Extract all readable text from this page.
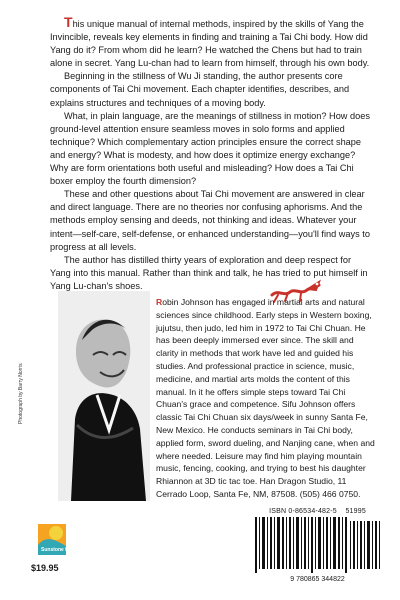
This unique manual of internal methods, inspired by the skills of Yang the Invincible, reveals key elements in finding and training a Tai Chi body. How did Yang do it? From whom did he learn? He watched the Chens but had to train alone in secret. Yang Lu-chan had to learn from himself, through his own body.

Beginning in the stillness of Wu Ji standing, the author presents core components of Tai Chi movement. Each chapter identifies, describes, and explains structures and techniques of a moving body.

What, in plain language, are the meanings of stillness in motion? How does ground-level attention ensure seamless moves in solo forms and applied technique? Which complementary action principles ensure the correct shape and energy? What is modesty, and how does it optimize energy exchange? Why are form orientations both useful and misleading? How does a Tai Chi boxer employ the fourth dimension?

These and other questions about Tai Chi movement are answered in clear and direct language. There are no theories nor confusing aphorisms. And the methods employ sensing and deeds, not thinking and ideas. Whatever your intent—self-care, self-defense, or enhanced understanding—you'll find ways to progress at all levels.

The author has distilled thirty years of exploration and deep respect for Yang into this manual. Rather than think and talk, he has tried to put himself in Yang Lu-chan's shoes.

Photograph by Barry Norris
Robin Johnson has engaged in martial arts and natural sciences since childhood. Early steps in Western boxing, jujutsu, then judo, led him in 1972 to Tai Chi Chuan. He has been deeply immersed ever since. The skill and clarity in methods that work have led and guided his studies. And professional practice in science, music, medicine, and martial arts molds the content of this manual. In it he offers simple steps toward Tai Chi Chuan's grace and competence. Sifu Johnson offers classic Tai Chi Chuan six days/week in sunny Santa Fe, New Mexico. He conducts seminars in Tai Chi body, applied form, sword dueling, and Nanjing cane, when and where needed. Leisure may find him playing mountain music, fencing, cooking, and trying to best his daughter Rhiannon at 3D tic tac toe. Han Dragon Studio, 11 Cerrado Loop, Santa Fe, NM, 87508. (505) 466 0750.
Sunstone Press
$19.95
ISBN 0-86534-482-5 51995
9 780865 344822
